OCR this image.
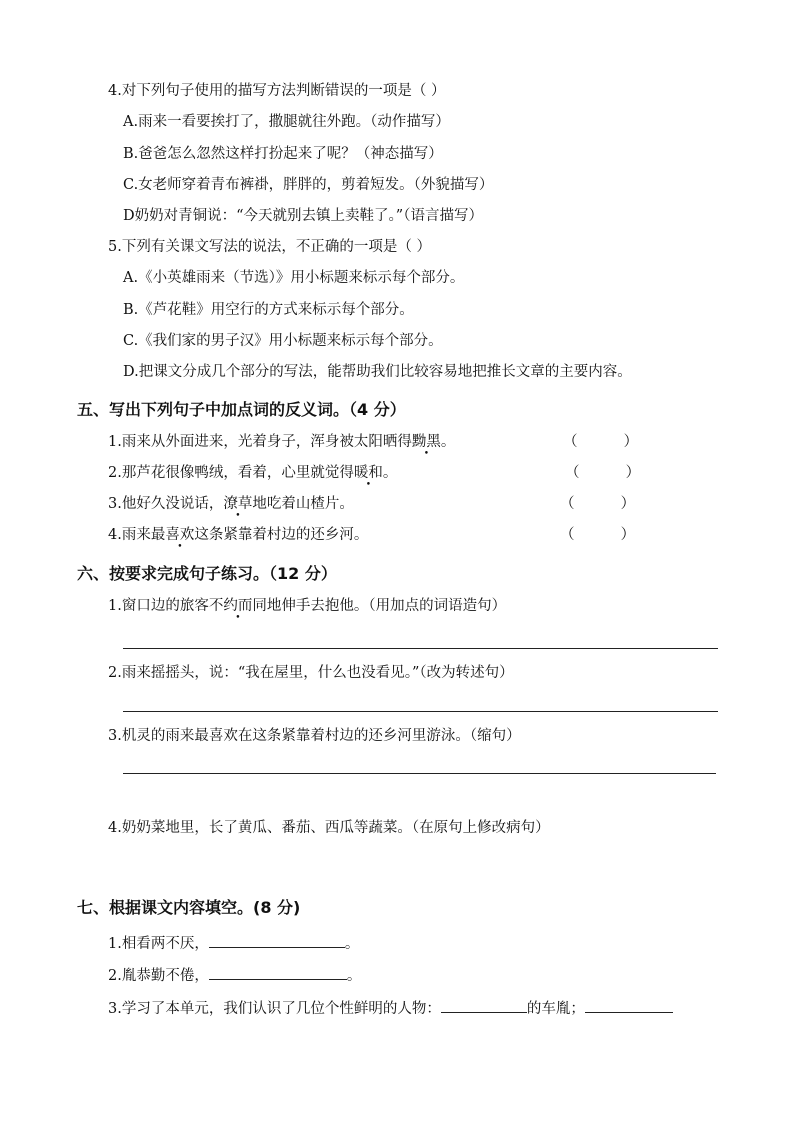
4.对下列句子使用的描写方法判断错误的一项是（ ）
A.雨来一看要挨打了，撒腿就往外跑。（动作描写）
B.爸爸怎么忽然这样打扮起来了呢？（神态描写）
C.女老师穿着青布裤褂，胖胖的，剪着短发。（外貌描写）
D奶奶对青铜说：“今天就别去镇上卖鞋了。”（语言描写）
5.下列有关课文写法的说法，不正确的一项是（ ）
A.《小英雄雨来（节选）》用小标题来标示每个部分。
B.《芦花鞋》用空行的方式来标示每个部分。
C.《我们家的男子汉》用小标题来标示每个部分。
D.把课文分成几个部分的写法，能帮助我们比较容易地把推长文章的主要内容。
五、写出下列句子中加点词的反义词。（4 分）
1.雨来从外面进来，光着身子，浑身被太阳晒得黝黑。	（          ）
2.那芦花很像鸭绒，看着，心里就觉得暖和。	（          ）
3.他好久没说话，潦草地吃着山楂片。	（          ）
4.雨来最喜欢这条紧靠着村边的还乡河。	（          ）
六、按要求完成句子练习。（12 分）
1.窗口边的旅客不约而同地伸手去抱他。（用加点的词语造句）
2.雨来摇摇头，说：“我在屋里，什么也没看见。”（改为转述句）
3.机灵的雨来最喜欢在这条紧靠着村边的还乡河里游泳。（缩句）
4.奶奶菜地里，长了黄瓜、番茄、西瓜等蔬菜。（在原句上修改病句）
七、根据课文内容填空。(8 分)
1.相看两不厌，	。
2.胤恭勤不倦，	。
3.学习了本单元，我们认识了几位个性鲜明的人物：	的车胤；
